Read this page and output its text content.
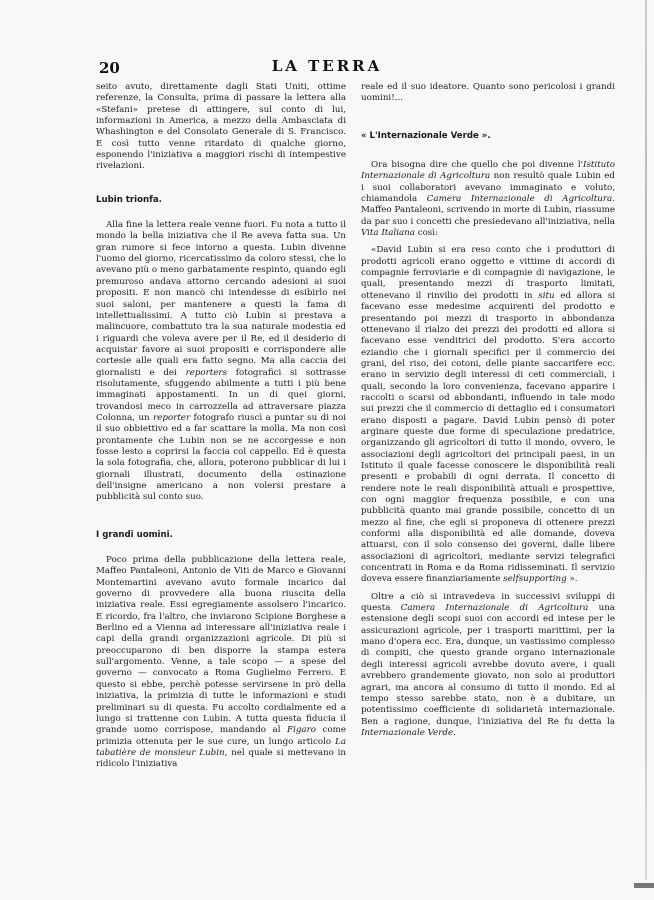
20	LA TERRA

seito avuto, direttamente dagli Stati Uniti, ottime referenze, la Consulta, prima di passare la lettera alla «Stefani» pretese di attingere, sul conto di lui, informazioni in America, a mezzo della Ambasciata di Whashington e del Consolato Generale di S. Francisco. E così tutto venne ritardato di qualche giorno, esponendo l'iniziativa a maggiori rischi di intempestive rivelazioni.

Lubin trionfa.

Alla fine la lettera reale venne fuori. Fu nota a tutto il mondo la bella iniziativa che il Re aveva fatta sua. Un gran rumore si fece intorno a questa. Lubin divenne l'uomo del giorno, ricercatissimo da coloro stessi, che lo avevano più o meno garbatamente respinto, quando egli premuroso andava attorno cercando adesioni ai suoi propositi. E non mancò chi intendesse di esibirlo nei suoi saloni, per mantenere a questi la fama di intellettualissimi. A tutto ciò Lubin si prestava a malincuore, combattuto tra la sua naturale modestia ed i riguardi che voleva avere per il Re, ed il desiderio di acquistar favore ai suoi propositi e corrispondere alle cortesie alle quali era fatto segno. Ma alla caccia dei giornalisti e dei reporters fotografici si sottrasse risolutamente, sfuggendo abilmente a tutti i più bene immaginati appostamenti. In un di quei giorni, trovandosi meco in carrozzella ad attraversare piazza Colonna, un reporter fotografo riuscì a puntar su di noi il suo obbiettivo ed a far scattare la molla. Ma non così prontamente che Lubin non se ne accorgesse e non fosse lesto a coprirsi la faccia col cappello. Ed è questa la sola fotografia, che, allora, poterono pubblicar di lui i giornali illustrati, documento della ostinazione dell'insigne americano a non volersi prestare a pubblicità sul conto suo.

I grandi uomini.

Poco prima della pubblicazione della lettera reale, Maffeo Pantaleoni, Antonio de Viti de Marco e Giovanni Montemartini avevano avuto formale incarico dal governo di provvedere alla buona riuscita della iniziativa reale. Essi egregiamente assolsero l'incarico. E ricordo, fra l'altro, che inviarono Scipione Borghese a Berlino ed a Vienna ad interessare all'iniziativa reale i capi della grandi organizzazioni agricole. Di più si preoccuparono di ben disporre la stampa estera sull'argomento. Venne, a tale scopo — a spese del governo — convocato a Roma Guglielmo Ferrero. E questo si ebbe, perchè potesse servirsene in prò della iniziativa, la primizia di tutte le informazioni e studi preliminari su di questa. Fu accolto cordialmente ed a lungo si trattenne con Lubin. A tutta questa fiducia il grande uomo corrispose, mandando al Figaro come primizia ottenuta per le sue cure, un lungo articolo La tabatière de monsieur Lubin, nel quale si mettevano in ridicolo l'iniziativa

reale ed il suo ideatore. Quanto sono pericolosi i grandi uomini!...

« L'Internazionale Verde ».

Ora bisogna dire che quello che poi divenne l'Istituto Internazionale di Agricoltura non resultò quale Lubin ed i suoi collaboratori avevano immaginato e voluto, chiamandola Camera Internazionale di Agricoltura. Maffeo Pantaleoni, scrivendo in morte di Lubin, riassume da par suo i concetti che presiedevano all'iniziativa, nella Vita Italiana così:

«David Lubin si era reso conto che i produttori di prodotti agricoli erano oggetto e vittime di accordi di compagnie ferroviarie e di compagnie di navigazione, le quali, presentando mezzi di trasporto limitati, ottenevano il rinvilio dei prodotti in situ ed allora si facevano esse medesime acquirenti del prodotto e presentando poi mezzi di trasporto in abbondanza ottenevano il rialzo dei prezzi dei prodotti ed allora si facevano esse venditrici del prodotto. S'era accorto eziandio che i giornali specifici per il commercio dei grani, del riso, dei cotoni, delle piante saccarifere ecc. erano in servizio degli interessi di ceti commerciali, i quali, secondo la loro convenienza, facevano apparire i raccolti o scarsi od abbondanti, influendo in tale modo sui prezzi che il commercio di dettaglio ed i consumatori erano disposti a pagare. David Lubin pensò di poter arginare queste due forme di speculazione predatrice, organizzando gli agricoltori di tutto il mondo, ovvero, le associazioni degli agricoltori dei principali paesi, in un Istituto il quale facesse conoscere le disponibilità reali presenti e probabili di ogni derrata. Il concetto di rendere note le reali disponibilità attuali e prospettive, con ogni maggior frequenza possibile, e con una pubblicità quanto mai grande possibile, concetto di un mezzo al fine, che egli si proponeva di ottenere prezzi conformi alla disponibilità ed alle domande, doveva attuarsi, con il solo consenso dei governi, dalle libere associazioni di agricoltori, mediante servizi telegrafici concentrati in Roma e da Roma ridisseminati. Il servizio doveva essere finanziariamente selfsupporting ».

Oltre a ciò si intravedeva in successivi sviluppi di questa Camera Internazionale di Agricoltura una estensione degli scopi suoi con accordi ed intese per le assicurazioni agricole, per i trasporti marittimi, per la mano d'opera ecc. Era, dunque, un vastissimo complesso di compiti, che questo grande organo internazionale degli interessi agricoli avrebbe dovuto avere, i quali avrebbero grandemente giovato, non solo ai produttori agrari, ma ancora al consumo di tutto il mondo. Ed al tempo stesso sarebbe stato, non è a dubitare, un potentissimo coefficiente di solidarietà internazionale. Ben a ragione, dunque, l'iniziativa del Re fu detta la Internazionale Verde.
